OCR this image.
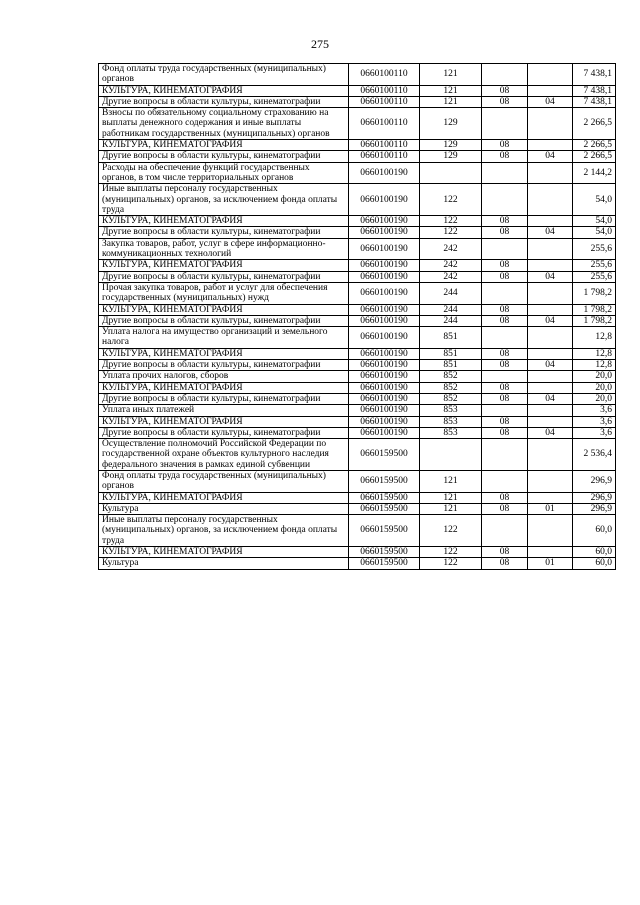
275
Фонд оплаты труда государственных (муниципальных) органов	0660100110	121			7 438,1
КУЛЬТУРА, КИНЕМАТОГРАФИЯ	0660100110	121	08		7 438,1
Другие вопросы в области культуры, кинематографии	0660100110	121	08	04	7 438,1
Взносы по обязательному социальному страхованию на выплаты денежного содержания и иные выплаты работникам государственных (муниципальных) органов	0660100110	129			2 266,5
КУЛЬТУРА, КИНЕМАТОГРАФИЯ	0660100110	129	08		2 266,5
Другие вопросы в области культуры, кинематографии	0660100110	129	08	04	2 266,5
Расходы на обеспечение функций государственных органов, в том числе территориальных органов	0660100190				2 144,2
Иные выплаты персоналу государственных (муниципальных) органов, за исключением фонда оплаты труда	0660100190	122			54,0
КУЛЬТУРА, КИНЕМАТОГРАФИЯ	0660100190	122	08		54,0
Другие вопросы в области культуры, кинематографии	0660100190	122	08	04	54,0
Закупка товаров, работ, услуг в сфере информационно-коммуникационных технологий	0660100190	242			255,6
КУЛЬТУРА, КИНЕМАТОГРАФИЯ	0660100190	242	08		255,6
Другие вопросы в области культуры, кинематографии	0660100190	242	08	04	255,6
Прочая закупка товаров, работ и услуг для обеспечения государственных (муниципальных) нужд	0660100190	244			1 798,2
КУЛЬТУРА, КИНЕМАТОГРАФИЯ	0660100190	244	08		1 798,2
Другие вопросы в области культуры, кинематографии	0660100190	244	08	04	1 798,2
Уплата налога на имущество организаций и земельного налога	0660100190	851			12,8
КУЛЬТУРА, КИНЕМАТОГРАФИЯ	0660100190	851	08		12,8
Другие вопросы в области культуры, кинематографии	0660100190	851	08	04	12,8
Уплата прочих налогов, сборов	0660100190	852			20,0
КУЛЬТУРА, КИНЕМАТОГРАФИЯ	0660100190	852	08		20,0
Другие вопросы в области культуры, кинематографии	0660100190	852	08	04	20,0
Уплата иных платежей	0660100190	853			3,6
КУЛЬТУРА, КИНЕМАТОГРАФИЯ	0660100190	853	08		3,6
Другие вопросы в области культуры, кинематографии	0660100190	853	08	04	3,6
Осуществление полномочий Российской Федерации по государственной охране объектов культурного наследия федерального значения в рамках единой субвенции	0660159500				2 536,4
Фонд оплаты труда государственных (муниципальных) органов	0660159500	121			296,9
КУЛЬТУРА, КИНЕМАТОГРАФИЯ	0660159500	121	08		296,9
Культура	0660159500	121	08	01	296,9
Иные выплаты персоналу государственных (муниципальных) органов, за исключением фонда оплаты труда	0660159500	122			60,0
КУЛЬТУРА, КИНЕМАТОГРАФИЯ	0660159500	122	08		60,0
Культура	0660159500	122	08	01	60,0
